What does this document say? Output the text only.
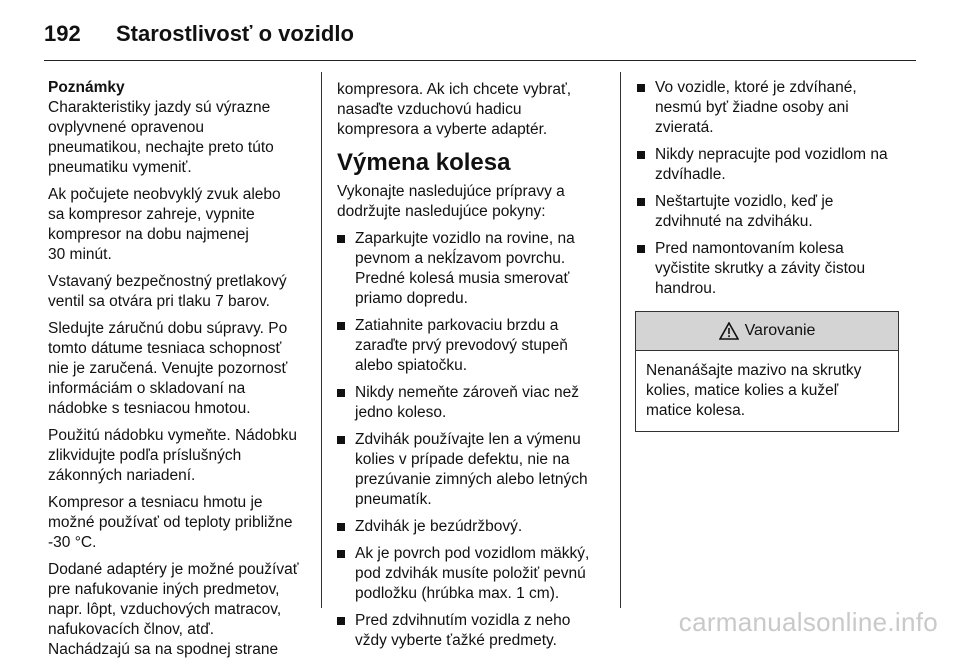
192	Starostlivosť o vozidlo
Poznámky

Charakteristiky jazdy sú výrazne
ovplyvnené opravenou
pneumatikou, nechajte preto túto
pneumatiku vymeniť.

Ak počujete neobvyklý zvuk alebo
sa kompresor zahreje, vypnite
kompresor na dobu najmenej
30 minút.

Vstavaný bezpečnostný pretlakový
ventil sa otvára pri tlaku 7 barov.

Sledujte záručnú dobu súpravy. Po
tomto dátume tesniaca schopnosť
nie je zaručená. Venujte pozornosť
informáciám o skladovaní na
nádobke s tesniacou hmotou.

Použitú nádobku vymeňte. Nádobku
zlikvidujte podľa príslušných
zákonných nariadení.

Kompresor a tesniacu hmotu je
možné používať od teploty približne
-30 °C.

Dodané adaptéry je možné používať
pre nafukovanie iných predmetov,
napr. lôpt, vzduchových matracov,
nafukovacích člnov, atď.
Nachádzajú sa na spodnej strane

kompresora. Ak ich chcete vybrať,
nasaďte vzduchovú hadicu
kompresora a vyberte adaptér.

Výmena kolesa

Vykonajte nasledujúce prípravy a
dodržujte nasledujúce pokyny:

Zaparkujte vozidlo na rovine, na
pevnom a nekĺzavom povrchu.
Predné kolesá musia smerovať
priamo dopredu.
Zatiahnite parkovaciu brzdu a
zaraďte prvý prevodový stupeň
alebo spiatočku.
Nikdy nemeňte zároveň viac než
jedno koleso.
Zdvihák používajte len a výmenu
kolies v prípade defektu, nie na
prezúvanie zimných alebo letných
pneumatík.
Zdvihák je bezúdržbový.
Ak je povrch pod vozidlom mäkký,
pod zdvihák musíte položiť pevnú
podložku (hrúbka max. 1 cm).
Pred zdvihnutím vozidla z neho
vždy vyberte ťažké predmety.
Vo vozidle, ktoré je zdvíhané,
nesmú byť žiadne osoby ani
zvieratá.
Nikdy nepracujte pod vozidlom na
zdvíhadle.
Neštartujte vozidlo, keď je
zdvihnuté na zdviháku.
Pred namontovaním kolesa
vyčistite skrutky a závity čistou
handrou.
Varovanie
Nenanášajte mazivo na skrutky
kolies, matice kolies a kužeľ
matice kolesa.
carmanualsonline.info
